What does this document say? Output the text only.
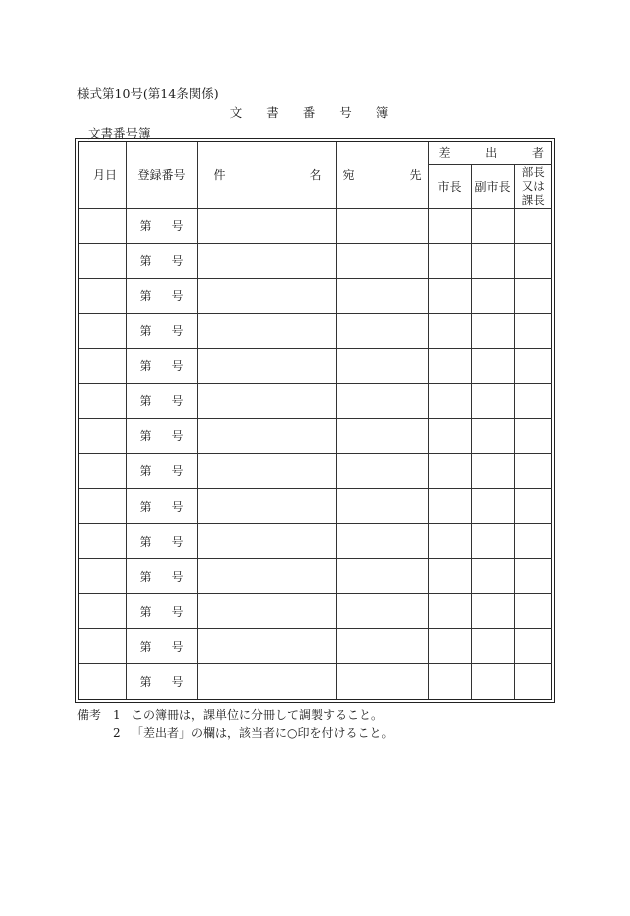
様式第10号(第14条関係)
文書番号簿
文書番号簿
月 日	登録番号	件 名	宛 先	差 出 者		

				市長	副市長	部長
又は
課長

	第 号					

	第 号					

	第 号					

	第 号					

	第 号					

	第 号					

	第 号					

	第 号					

	第 号					

	第 号					

	第 号					

	第 号					

	第 号					

	第 号					

備考 1 この簿冊は，課単位に分冊して調製すること。
2 「差出者」の欄は，該当者に○印を付けること。
